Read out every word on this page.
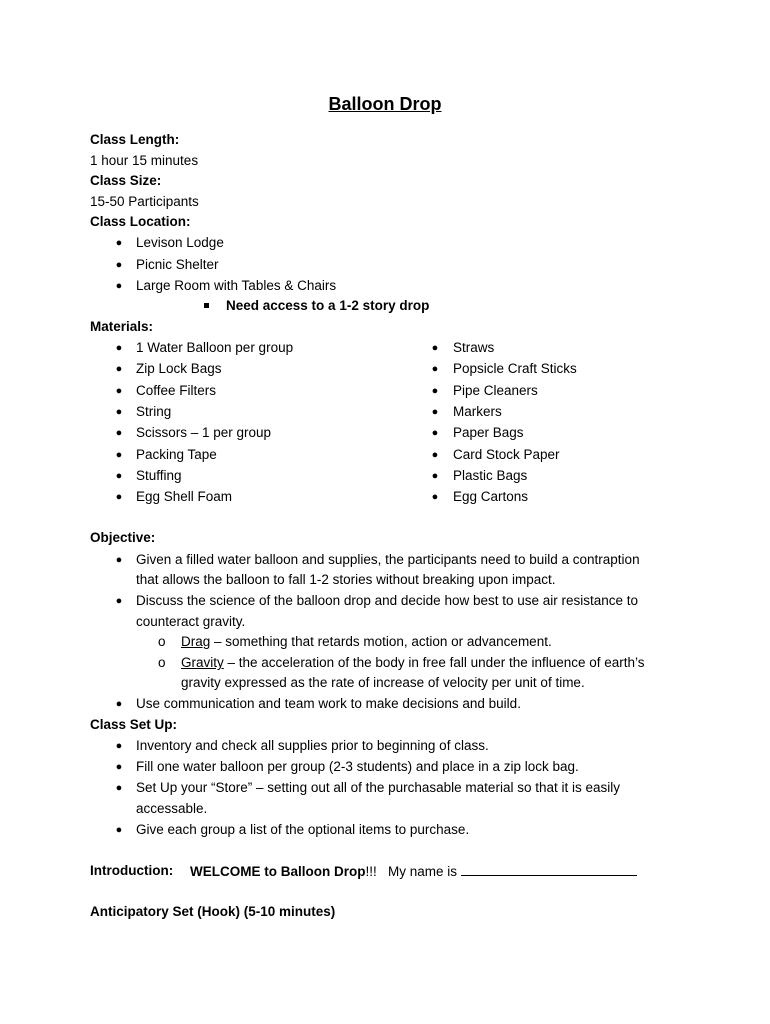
Balloon Drop
Class Length:
1 hour 15 minutes
Class Size:
15-50 Participants
Class Location:
● Levison Lodge
● Picnic Shelter
● Large Room with Tables & Chairs
Need access to a 1-2 story drop
Materials:
● 1 Water Balloon per group
● Zip Lock Bags
● Coffee Filters
● String
● Scissors – 1 per group
● Packing Tape
● Stuffing
● Egg Shell Foam
● Straws
● Popsicle Craft Sticks
● Pipe Cleaners
● Markers
● Paper Bags
● Card Stock Paper
● Plastic Bags
● Egg Cartons
Objective:
● Given a filled water balloon and supplies, the participants need to build a contraption
that allows the balloon to fall 1-2 stories without breaking upon impact.
● Discuss the science of the balloon drop and decide how best to use air resistance to
counteract gravity.
o Drag – something that retards motion, action or advancement.
o Gravity – the acceleration of the body in free fall under the influence of earth’s
gravity expressed as the rate of increase of velocity per unit of time.
● Use communication and team work to make decisions and build.
Class Set Up:
● Inventory and check all supplies prior to beginning of class.
● Fill one water balloon per group (2-3 students) and place in a zip lock bag.
● Set Up your “Store” – setting out all of the purchasable material so that it is easily
accessable.
● Give each group a list of the optional items to purchase.
Introduction: WELCOME to Balloon Drop!!! My name is
Anticipatory Set (Hook) (5-10 minutes)
